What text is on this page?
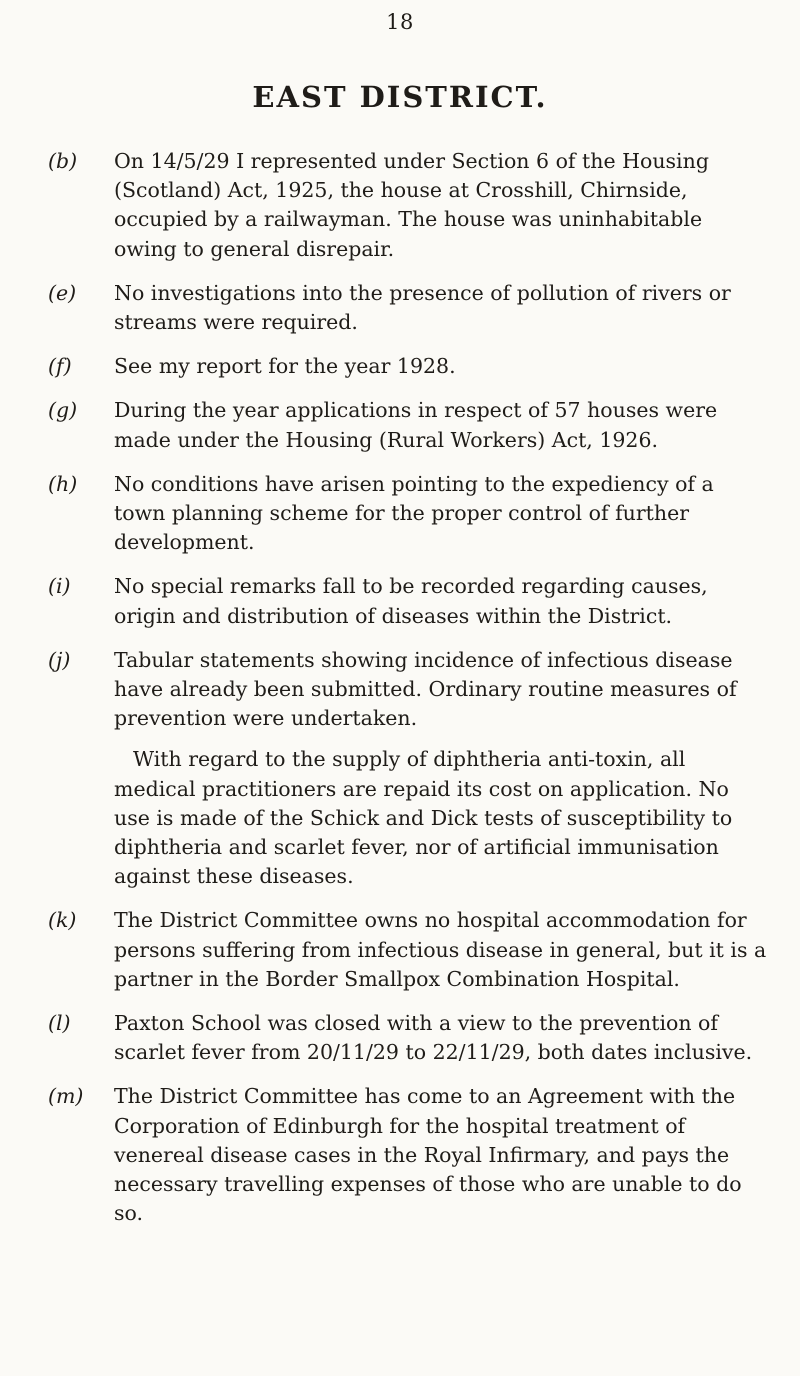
18
EAST DISTRICT.
(b)	On 14/5/29 I represented under Section 6 of the Housing (Scotland) Act, 1925, the house at Crosshill, Chirnside, occupied by a railwayman. The house was uninhabitable owing to general disrepair.

(e)	No investigations into the presence of pollution of rivers or streams were required.

(f)	See my report for the year 1928.

(g)	During the year applications in respect of 57 houses were made under the Housing (Rural Workers) Act, 1926.

(h)	No conditions have arisen pointing to the expediency of a town planning scheme for the proper control of further development.

(i)	No special remarks fall to be recorded regarding causes, origin and distribution of diseases within the District.

(j)	Tabular statements showing incidence of infectious disease have already been submitted. Ordinary routine measures of prevention were undertaken.

With regard to the supply of diphtheria anti-toxin, all medical practitioners are repaid its cost on application. No use is made of the Schick and Dick tests of susceptibility to diphtheria and scarlet fever, nor of artificial immunisation against these diseases.

(k)	The District Committee owns no hospital accommodation for persons suffering from infectious disease in general, but it is a partner in the Border Smallpox Combination Hospital.

(l)	Paxton School was closed with a view to the prevention of scarlet fever from 20/11/29 to 22/11/29, both dates inclusive.

(m)	The District Committee has come to an Agreement with the Corporation of Edinburgh for the hospital treatment of venereal disease cases in the Royal Infirmary, and pays the necessary travelling expenses of those who are unable to do so.
